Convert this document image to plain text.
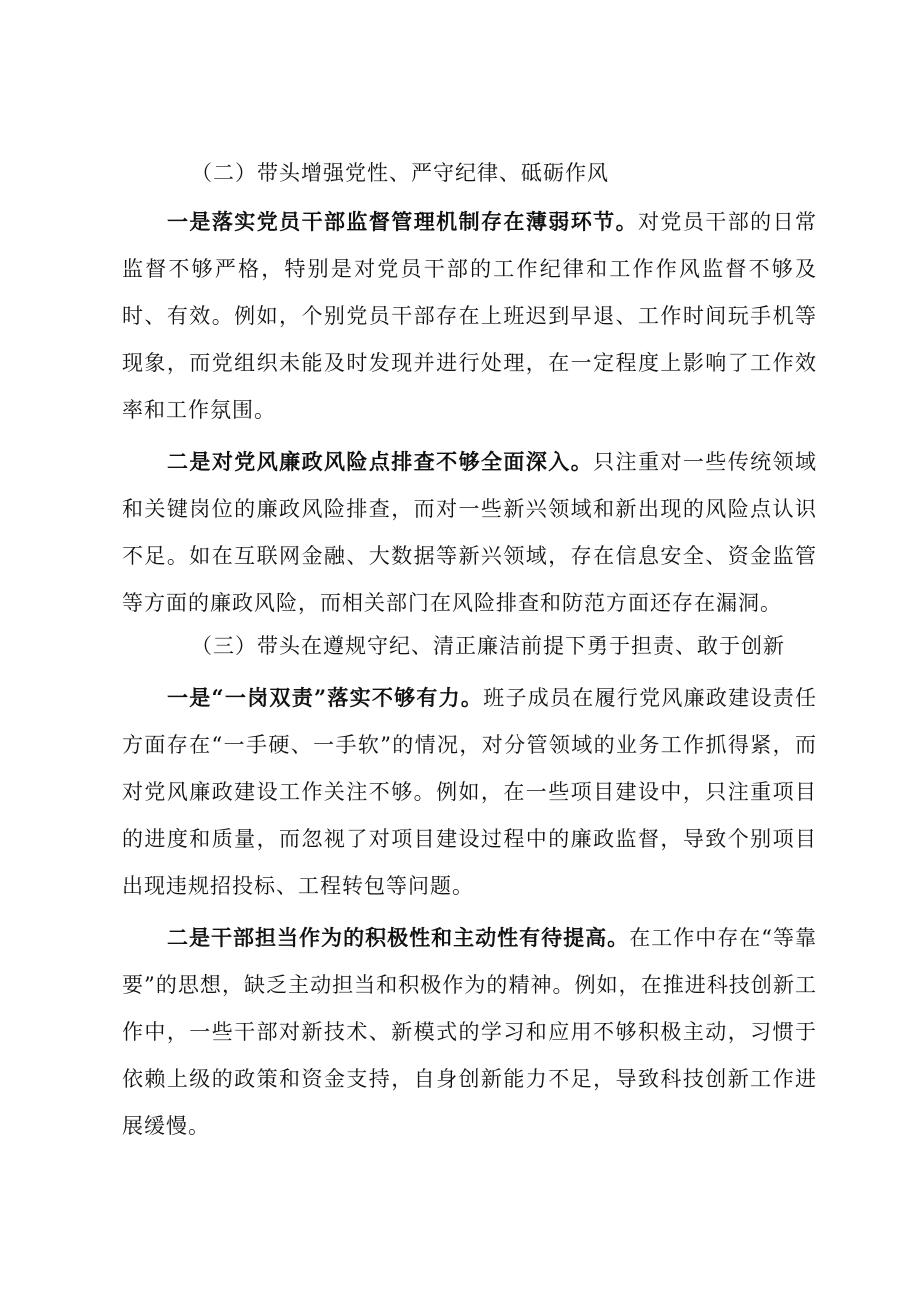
（二）带头增强党性、严守纪律、砥砺作风

一是落实党员干部监督管理机制存在薄弱环节。对党员干部的日常监督不够严格，特别是对党员干部的工作纪律和工作作风监督不够及时、有效。例如，个别党员干部存在上班迟到早退、工作时间玩手机等现象，而党组织未能及时发现并进行处理，在一定程度上影响了工作效率和工作氛围。

二是对党风廉政风险点排查不够全面深入。只注重对一些传统领域和关键岗位的廉政风险排查，而对一些新兴领域和新出现的风险点认识不足。如在互联网金融、大数据等新兴领域，存在信息安全、资金监管等方面的廉政风险，而相关部门在风险排查和防范方面还存在漏洞。

（三）带头在遵规守纪、清正廉洁前提下勇于担责、敢于创新

一是“一岗双责”落实不够有力。班子成员在履行党风廉政建设责任方面存在“一手硬、一手软”的情况，对分管领域的业务工作抓得紧，而对党风廉政建设工作关注不够。例如，在一些项目建设中，只注重项目的进度和质量，而忽视了对项目建设过程中的廉政监督，导致个别项目出现违规招投标、工程转包等问题。

二是干部担当作为的积极性和主动性有待提高。在工作中存在“等靠要”的思想，缺乏主动担当和积极作为的精神。例如，在推进科技创新工作中，一些干部对新技术、新模式的学习和应用不够积极主动，习惯于依赖上级的政策和资金支持，自身创新能力不足，导致科技创新工作进展缓慢。
